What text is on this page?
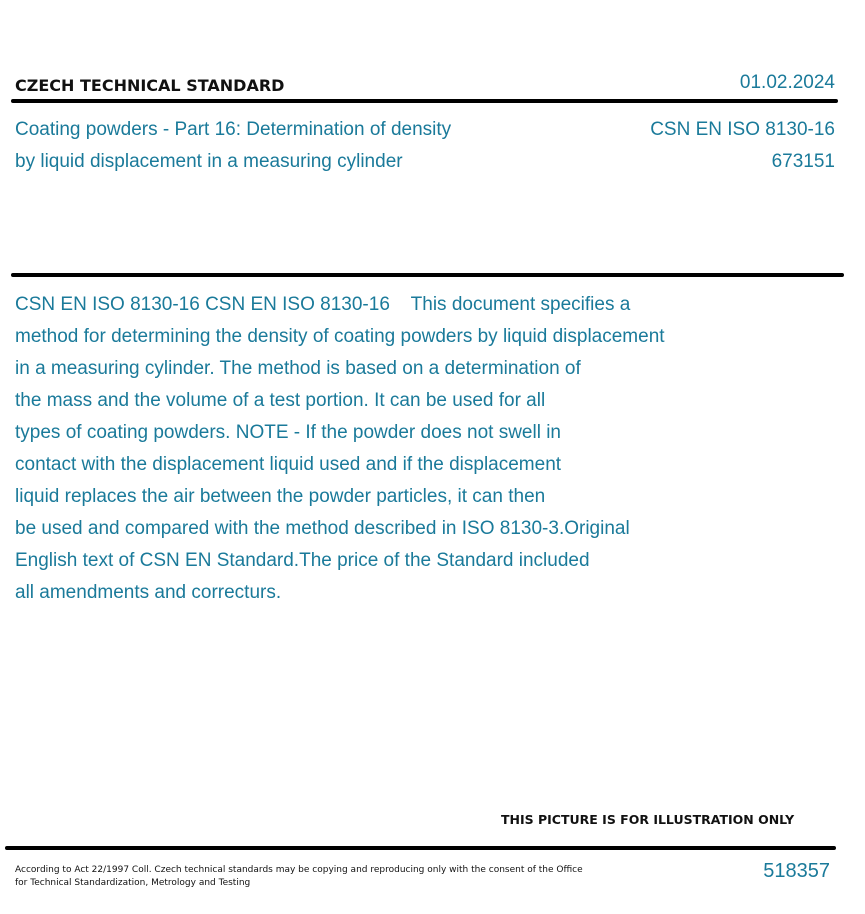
CZECH TECHNICAL STANDARD	01.02.2024
Coating powders - Part 16: Determination of density
by liquid displacement in a measuring cylinder
CSN EN ISO 8130-16
673151
CSN EN ISO 8130-16 CSN EN ISO 8130-16    This document specifies a
method for determining the density of coating powders by liquid displacement
in a measuring cylinder. The method is based on a determination of
the mass and the volume of a test portion. It can be used for all
types of coating powders. NOTE - If the powder does not swell in
contact with the displacement liquid used and if the displacement
liquid replaces the air between the powder particles, it can then
be used and compared with the method described in ISO 8130-3.Original
English text of CSN EN Standard.The price of the Standard included
all amendments and correcturs.
THIS PICTURE IS FOR ILLUSTRATION ONLY
According to Act 22/1997 Coll. Czech technical standards may be copying and reproducing only with the consent of the Office
for Technical Standardization, Metrology and Testing
518357
